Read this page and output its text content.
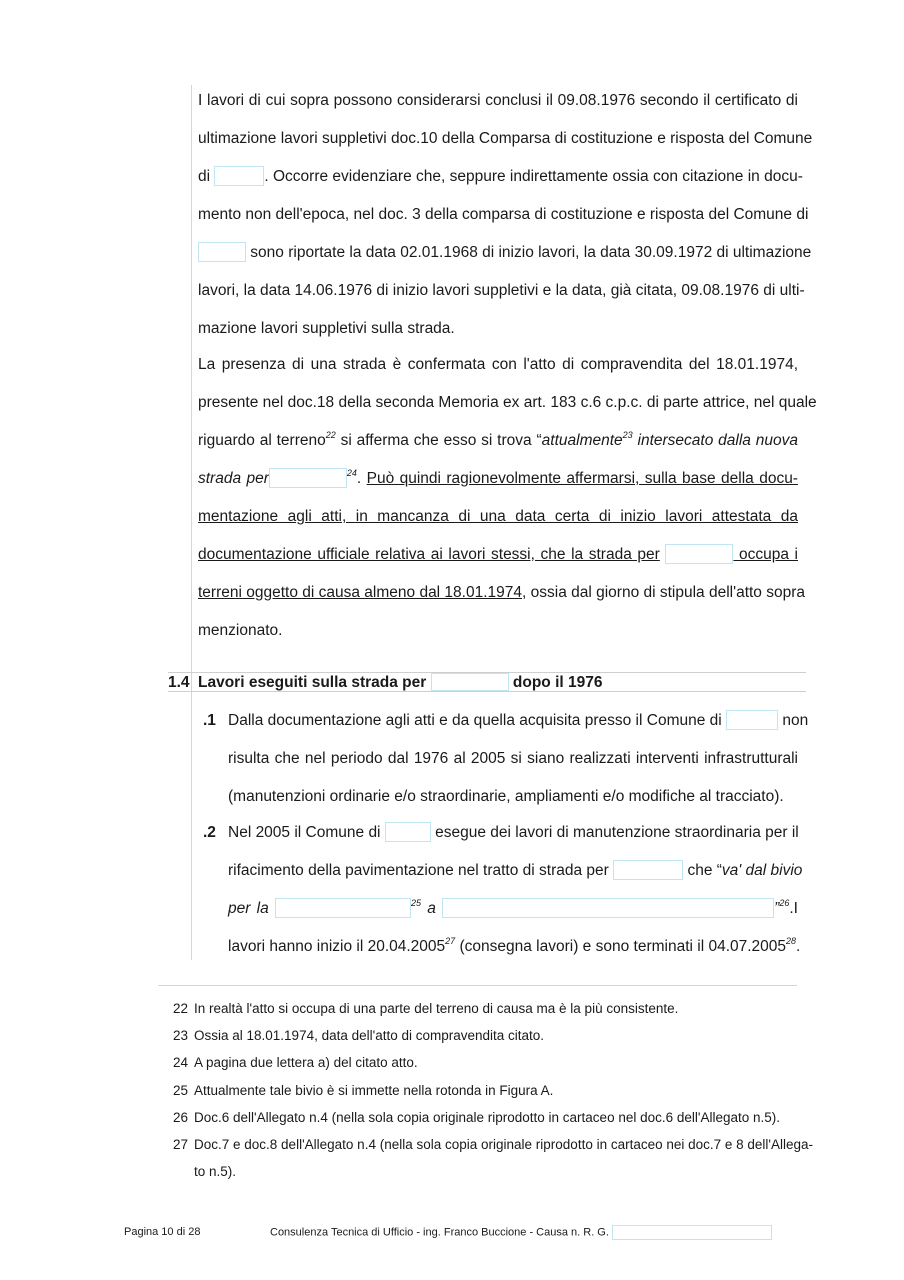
I lavori di cui sopra possono considerarsi conclusi il 09.08.1976 secondo il certificato di
ultimazione lavori suppletivi doc.10 della Comparsa di costituzione e risposta del Comune
di	. Occorre evidenziare che, seppure indirettamente ossia con citazione in docu-
mento non dell'epoca, nel doc. 3 della comparsa di costituzione e risposta del Comune di
sono riportate la data 02.01.1968 di inizio lavori, la data 30.09.1972 di ultimazione
lavori, la data 14.06.1976 di inizio lavori suppletivi e la data, già citata, 09.08.1976 di ulti-
mazione lavori suppletivi sulla strada.
La presenza di una strada è confermata con l'atto di compravendita del 18.01.1974,
presente nel doc.18 della seconda Memoria ex art. 183 c.6 c.p.c. di parte attrice, nel quale
riguardo al terreno$^{22}$ si afferma che esso si trova “attualmente$^{23}$ intersecato dalla nuova
strada per	$^{24}$. Può quindi ragionevolmente affermarsi, sulla base della docu-
mentazione agli atti, in mancanza di una data certa di inizio lavori attestata da
documentazione ufficiale relativa ai lavori stessi, che la strada per	occupa i
terreni oggetto di causa almeno dal 18.01.1974, ossia dal giorno di stipula dell'atto sopra
menzionato.
1.4 Lavori eseguiti sulla strada per	dopo il 1976
.1 Dalla documentazione agli atti e da quella acquisita presso il Comune di	non
risulta che nel periodo dal 1976 al 2005 si siano realizzati interventi infrastrutturali
(manutenzioni ordinarie e/o straordinarie, ampliamenti e/o modifiche al tracciato).
.2 Nel 2005 il Comune di	esegue dei lavori di manutenzione straordinaria per il
rifacimento della pavimentazione nel tratto di strada per	che “va' dal bivio
per la	$^{25}$ a	”$^{26}$.I
lavori hanno inizio il 20.04.2005$^{27}$ (consegna lavori) e sono terminati il 04.07.2005$^{28}$.
22 In realtà l'atto si occupa di una parte del terreno di causa ma è la più consistente.
23 Ossia al 18.01.1974, data dell'atto di compravendita citato.
24 A pagina due lettera a) del citato atto.
25 Attualmente tale bivio è si immette nella rotonda in Figura A.
26 Doc.6 dell'Allegato n.4 (nella sola copia originale riprodotto in cartaceo nel doc.6 dell'Allegato n.5).
27 Doc.7 e doc.8 dell'Allegato n.4 (nella sola copia originale riprodotto in cartaceo nei doc.7 e 8 dell'Allega-
to n.5).
Pagina 10 di 28	Consulenza Tecnica di Ufficio - ing. Franco Buccione - Causa n. R. G.
